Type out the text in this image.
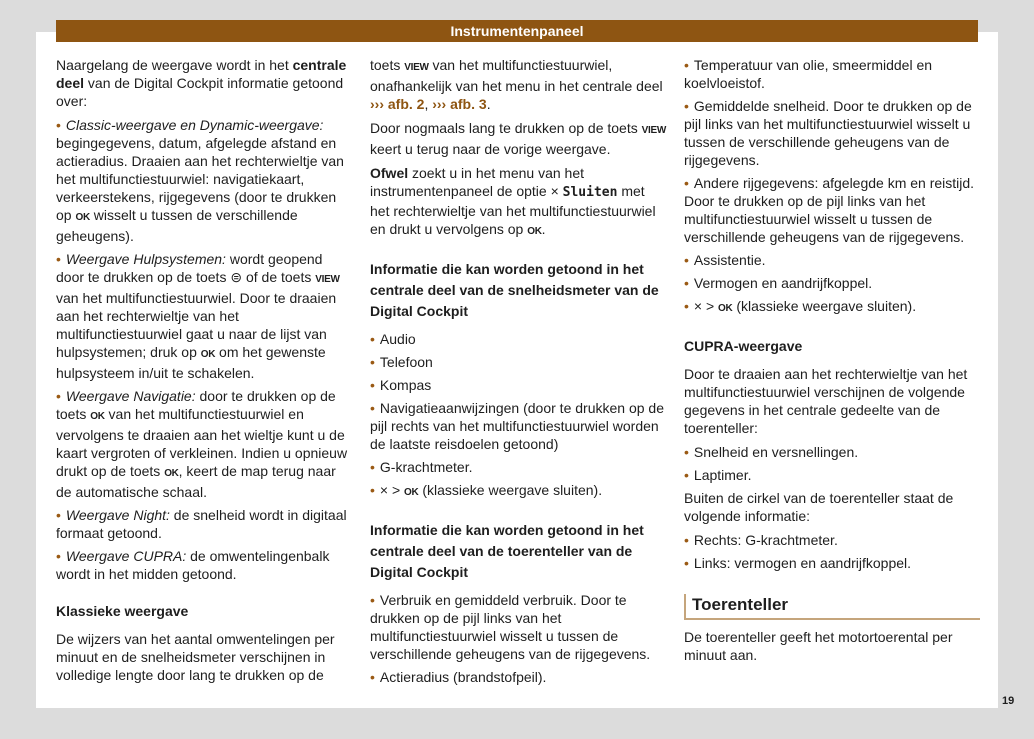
Instrumentenpaneel
Naargelang de weergave wordt in het centrale deel van de Digital Cockpit informatie getoond over:
• Classic-weergave en Dynamic-weergave: begingegevens, datum, afgelegde afstand en actieradius. Draaien aan het rechterwieltje van het multifunctiestuurwiel: navigatiekaart, verkeerstekens, rijgegevens (door te drukken op OK wisselt u tussen de verschillende geheugens).
• Weergave Hulpsystemen: wordt geopend door te drukken op de toets ⊜ of de toets VIEW van het multifunctiestuurwiel. Door te draaien aan het rechterwieltje van het multifunctiestuurwiel gaat u naar de lijst van hulpsystemen; druk op OK om het gewenste hulpsysteem in/uit te schakelen.
• Weergave Navigatie: door te drukken op de toets OK van het multifunctiestuurwiel en vervolgens te draaien aan het wieltje kunt u de kaart vergroten of verkleinen. Indien u opnieuw drukt op de toets OK, keert de map terug naar de automatische schaal.
• Weergave Night: de snelheid wordt in digitaal formaat getoond.
• Weergave CUPRA: de omwentelingenbalk wordt in het midden getoond.
Klassieke weergave
De wijzers van het aantal omwentelingen per minuut en de snelheidsmeter verschijnen in volledige lengte door lang te drukken op de
toets VIEW van het multifunctiestuurwiel, onafhankelijk van het menu in het centrale deel ››› afb. 2, ››› afb. 3.
Door nogmaals lang te drukken op de toets VIEW keert u terug naar de vorige weergave.
Ofwel zoekt u in het menu van het instrumentenpaneel de optie × Sluiten met het rechterwieltje van het multifunctiestuurwiel en drukt u vervolgens op OK.
Informatie die kan worden getoond in het centrale deel van de snelheidsmeter van de Digital Cockpit
• Audio
• Telefoon
• Kompas
• Navigatieaanwijzingen (door te drukken op de pijl rechts van het multifunctiestuurwiel worden de laatste reisdoelen getoond)
• G-krachtmeter.
• × > OK (klassieke weergave sluiten).
Informatie die kan worden getoond in het centrale deel van de toerenteller van de Digital Cockpit
• Verbruik en gemiddeld verbruik. Door te drukken op de pijl links van het multifunctiestuurwiel wisselt u tussen de verschillende geheugens van de rijgegevens.
• Actieradius (brandstofpeil).
• Temperatuur van olie, smeermiddel en koelvloeistof.
• Gemiddelde snelheid. Door te drukken op de pijl links van het multifunctiestuurwiel wisselt u tussen de verschillende geheugens van de rijgegevens.
• Andere rijgegevens: afgelegde km en reistijd. Door te drukken op de pijl links van het multifunctiestuurwiel wisselt u tussen de verschillende geheugens van de rijgegevens.
• Assistentie.
• Vermogen en aandrijfkoppel.
• × > OK (klassieke weergave sluiten).
CUPRA-weergave
Door te draaien aan het rechterwieltje van het multifunctiestuurwiel verschijnen de volgende gegevens in het centrale gedeelte van de toerenteller:
• Snelheid en versnellingen.
• Laptimer.
Buiten de cirkel van de toerenteller staat de volgende informatie:
• Rechts: G-krachtmeter.
• Links: vermogen en aandrijfkoppel.
Toerenteller
De toerenteller geeft het motortoerental per minuut aan.
19
